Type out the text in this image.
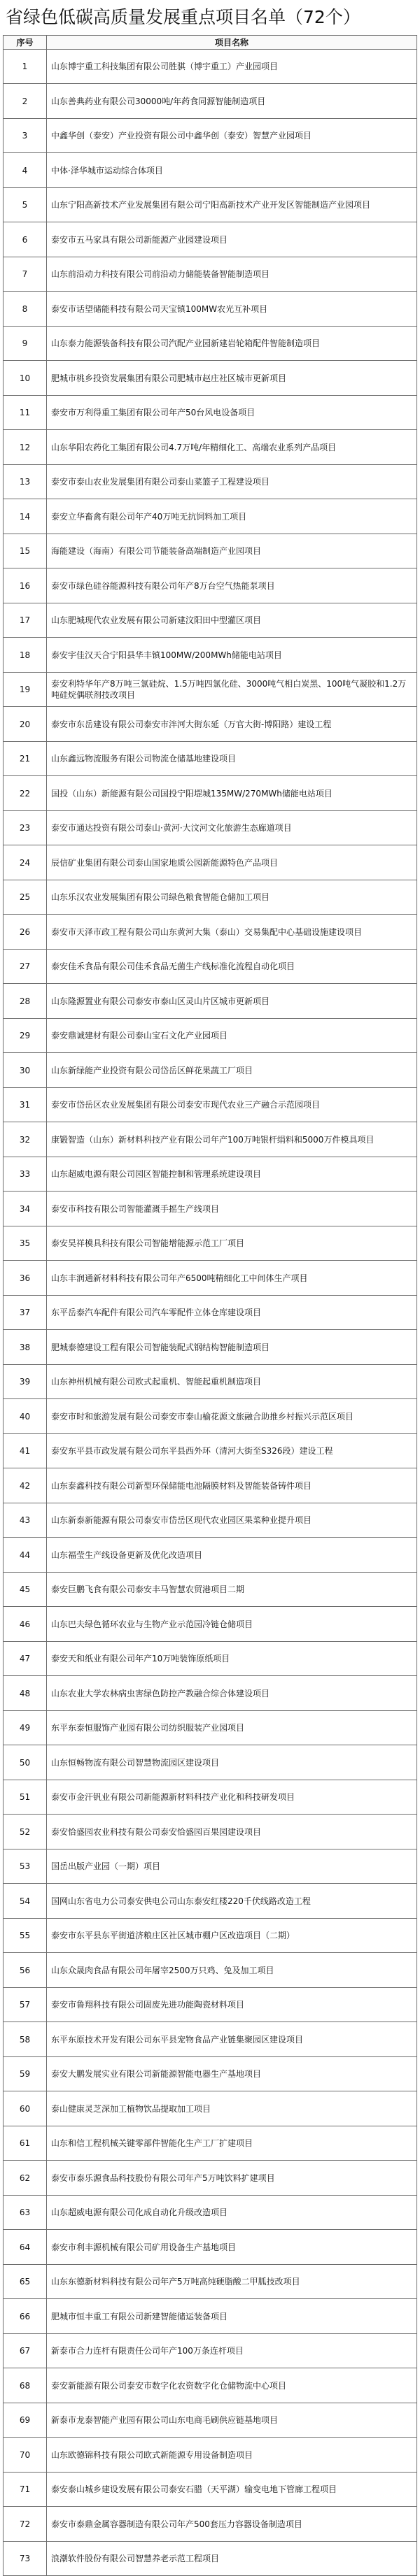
省绿色低碳高质量发展重点项目名单（72个）
序号	项目名称
1	山东博宇重工科技集团有限公司胜骐（博宇重工）产业园项目
2	山东善典药业有限公司30000吨/年药食同源智能制造项目
3	中鑫华创（泰安）产业投资有限公司中鑫华创（泰安）智慧产业园项目
4	中体·泽华城市运动综合体项目
5	山东宁阳高新技术产业发展集团有限公司宁阳高新技术产业开发区智能制造产业园项目
6	泰安市五马家具有限公司新能源产业园建设项目
7	山东前沿动力科技有限公司前沿动力储能装备智能制造项目
8	泰安市话望储能科技有限公司天宝镇100MW农光互补项目
9	山东泰力能源装备科技有限公司汽配产业园新建岩轮箱配件智能制造项目
10	肥城市桃乡投资发展集团有限公司肥城市赵庄社区城市更新项目
11	泰安市万利得重工集团有限公司年产50台风电设备项目
12	山东华阳农药化工集团有限公司4.7万吨/年精细化工、高端农业系列产品项目
13	泰安市泰山农业发展集团有限公司泰山菜篮子工程建设项目
14	泰安立华畜禽有限公司年产40万吨无抗饲料加工项目
15	海能建设（海南）有限公司节能装备高端制造产业园项目
16	泰安市绿色硅谷能源科技有限公司年产8万台空气热能泵项目
17	山东肥城现代农业发展有限公司新建汶阳田中型灌区项目
18	泰安宇佳汉天合宁阳县华丰镇100MW/200MWh储能电站项目
19	泰安利特华年产8万吨三氯硅烷、1.5万吨四氯化硅、3000吨气相白炭黑、100吨气凝胶和1.2万吨硅烷偶联剂技改项目
20	泰安市东岳建设有限公司泰安市泮河大街东延（万官大街-博阳路）建设工程
21	山东鑫远物流服务有限公司物流仓储基地建设项目
22	国投（山东）新能源有限公司国投宁阳堽城135MW/270MWh储能电站项目
23	泰安市通达投资有限公司泰山·黄河·大汶河文化旅游生态廊道项目
24	辰信矿业集团有限公司泰山国家地质公园新能源特色产品项目
25	山东乐汉农业发展集团有限公司绿色粮食智能仓储加工项目
26	泰安市天泽市政工程有限公司山东黄河大集（泰山）交易集配中心基础设施建设项目
27	泰安佳禾食品有限公司佳禾食品无菌生产线标准化流程自动化项目
28	山东隆源置业有限公司泰安市泰山区灵山片区城市更新项目
29	泰安鼎诚建材有限公司泰山宝石文化产业园项目
30	山东新绿能产业投资有限公司岱岳区鲜花果蔬工厂项目
31	泰安市岱岳区农业发展集团有限公司泰安市现代农业三产融合示范园项目
32	康锻智造（山东）新材料科技产业有限公司年产100万吨银杆绢料和5000万件模具项目
33	山东超威电源有限公司园区智能控制和管理系统建设项目
34	泰安市科技有限公司智能灌溉手摇生产线项目
35	泰安昊祥模具科技有限公司智能增能源示范工厂项目
36	山东丰润通新材料科技有限公司年产6500吨精细化工中间体生产项目
37	东平岳泰汽车配件有限公司汽车零配件立体仓库建设项目
38	肥城泰德建设工程有限公司智能装配式钢结构智能制造项目
39	山东神州机械有限公司欧式起重机、智能起重机制造项目
40	泰安市时和旅游发展有限公司泰安市泰山榆花源文旅融合助推乡村振兴示范区项目
41	泰安东平县市政发展有限公司东平县西外环（清河大街至S326段）建设工程
42	山东泰鑫科技有限公司新型环保储能电池隔膜材料及智能装备铸件项目
43	山东新泰新能源有限公司泰安市岱岳区现代农业园区果菜种业提升项目
44	山东福莹生产线设备更新及优化改造项目
45	泰安巨鹏飞食有限公司泰安丰马智慧农贸港项目二期
46	山东巴夫绿色循环农业与生物产业示范园冷链仓储项目
47	泰安天和纸业有限公司年产10万吨装饰原纸项目
48	山东农业大学农林病虫害绿色防控产教融合综合体建设项目
49	东平东泰恒服饰产业园有限公司纺织服装产业园项目
50	山东恒畅物流有限公司智慧物流园区建设项目
51	泰安市金汗钒业有限公司新能源新材料科技产业化和科技研发项目
52	泰安恰盛园农业科技有限公司泰安恰盛园百果园建设项目
53	国岳出版产业园（一期）项目
54	国网山东省电力公司泰安供电公司山东泰安红楼220千伏线路改造工程
55	泰安市东平县东平街道济粮庄区社区城市棚户区改造项目（二期）
56	山东众晟肉食品有限公司年屠宰2500万只鸡、兔及加工项目
57	泰安市鲁翔科技有限公司固废先进功能陶瓷材料项目
58	东平东原技术开发有限公司东平县宠物食品产业链集聚园区建设项目
59	泰安大鹏发展实业有限公司新能源智能电器生产基地项目
60	泰山健康灵芝深加工植物饮品提取加工项目
61	山东和信工程机械关键零部件智能化生产工厂扩建项目
62	泰安市泰乐源食品科技股份有限公司年产5万吨饮料扩建项目
63	山东超威电源有限公司化成自动化升级改造项目
64	泰安市利丰源机械有限公司矿用设备生产基地项目
65	山东东德新材料科技有限公司年产5万吨高纯硬脂酸二甲胍技改项目
66	肥城市恒丰重工有限公司新建智能储运装备项目
67	新泰市合力连杆有限责任公司年产100万条连杆项目
68	泰安新能源有限公司泰安市数字化农资数字化仓储物流中心项目
69	新泰市龙泰智能产业园有限公司山东电商毛刷供应链基地项目
70	山东欧德锦科技有限公司欧式新能源专用设备制造项目
71	泰安泰山城乡建设发展有限公司泰安石腊（天平湖）输变电地下管廊工程项目
72	泰安市泰鼎金属容器制造有限公司年产500套压力容器设备制造项目
73	浪潮软件股份有限公司智慧养老示范工程项目
